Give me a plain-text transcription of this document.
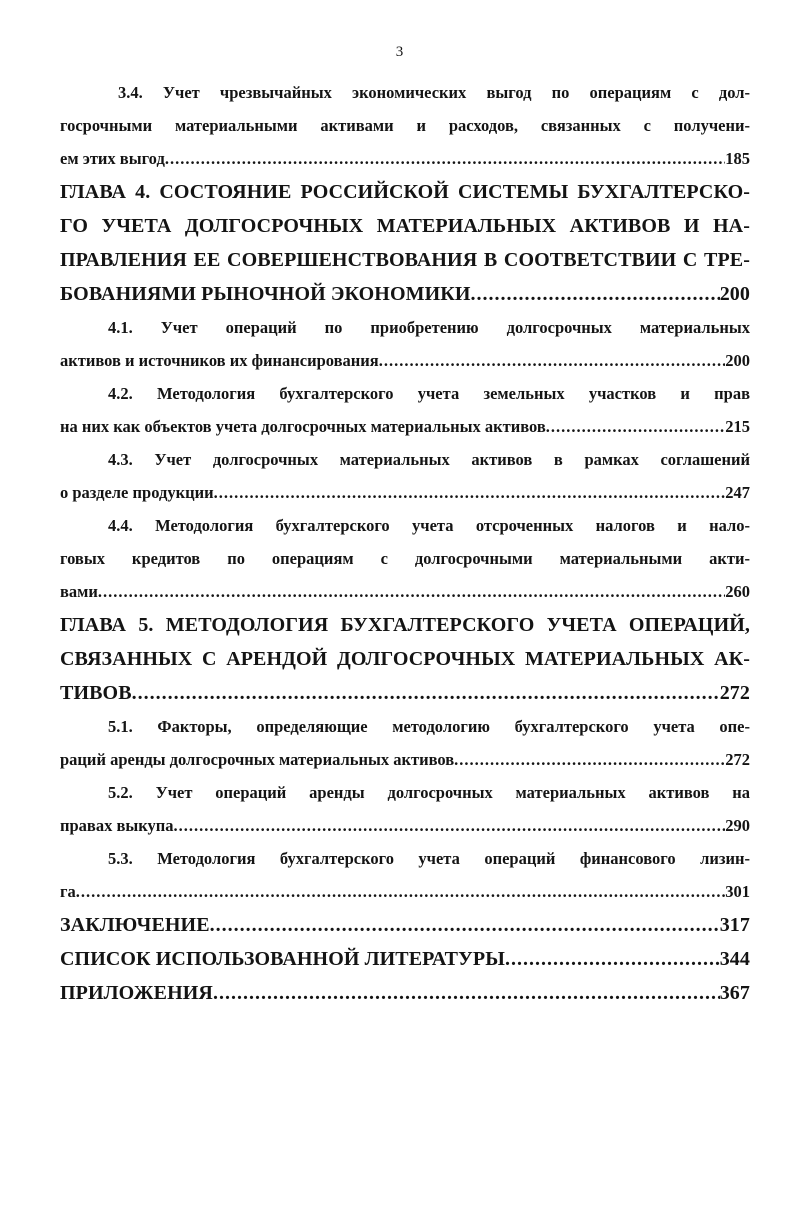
3
3.4. Учет чрезвычайных экономических выгод по операциям с дол-
госрочными материальными активами и расходов, связанных с получени-
ем этих выгод .....	185
ГЛАВА 4. СОСТОЯНИЕ РОССИЙСКОЙ СИСТЕМЫ БУХГАЛТЕРСКО-
ГО УЧЕТА ДОЛГОСРОЧНЫХ МАТЕРИАЛЬНЫХ АКТИВОВ И НА-
ПРАВЛЕНИЯ ЕЕ СОВЕРШЕНСТВОВАНИЯ В СООТВЕТСТВИИ С ТРЕ-
БОВАНИЯМИ РЫНОЧНОЙ ЭКОНОМИКИ .....	200
4.1. Учет операций по приобретению долгосрочных материальных
активов и источников их финансирования .....	200
4.2. Методология бухгалтерского учета земельных участков и прав
на них как объектов учета долгосрочных материальных активов .....	215
4.3. Учет долгосрочных материальных активов в рамках соглашений
о разделе продукции .....	247
4.4. Методология бухгалтерского учета отсроченных налогов и нало-
говых кредитов по операциям с долгосрочными материальными акти-
вами .....	260
ГЛАВА 5. МЕТОДОЛОГИЯ БУХГАЛТЕРСКОГО УЧЕТА ОПЕРАЦИЙ,
СВЯЗАННЫХ С АРЕНДОЙ ДОЛГОСРОЧНЫХ МАТЕРИАЛЬНЫХ АК-
ТИВОВ .....	272
5.1. Факторы, определяющие методологию бухгалтерского учета опе-
раций аренды долгосрочных материальных активов .....	272
5.2. Учет операций аренды долгосрочных материальных активов на
правах выкупа .....	290
5.3. Методология бухгалтерского учета операций финансового лизин-
га .....	301
ЗАКЛЮЧЕНИЕ .....	317
СПИСОК ИСПОЛЬЗОВАННОЙ ЛИТЕРАТУРЫ .....	344
ПРИЛОЖЕНИЯ .....	367
